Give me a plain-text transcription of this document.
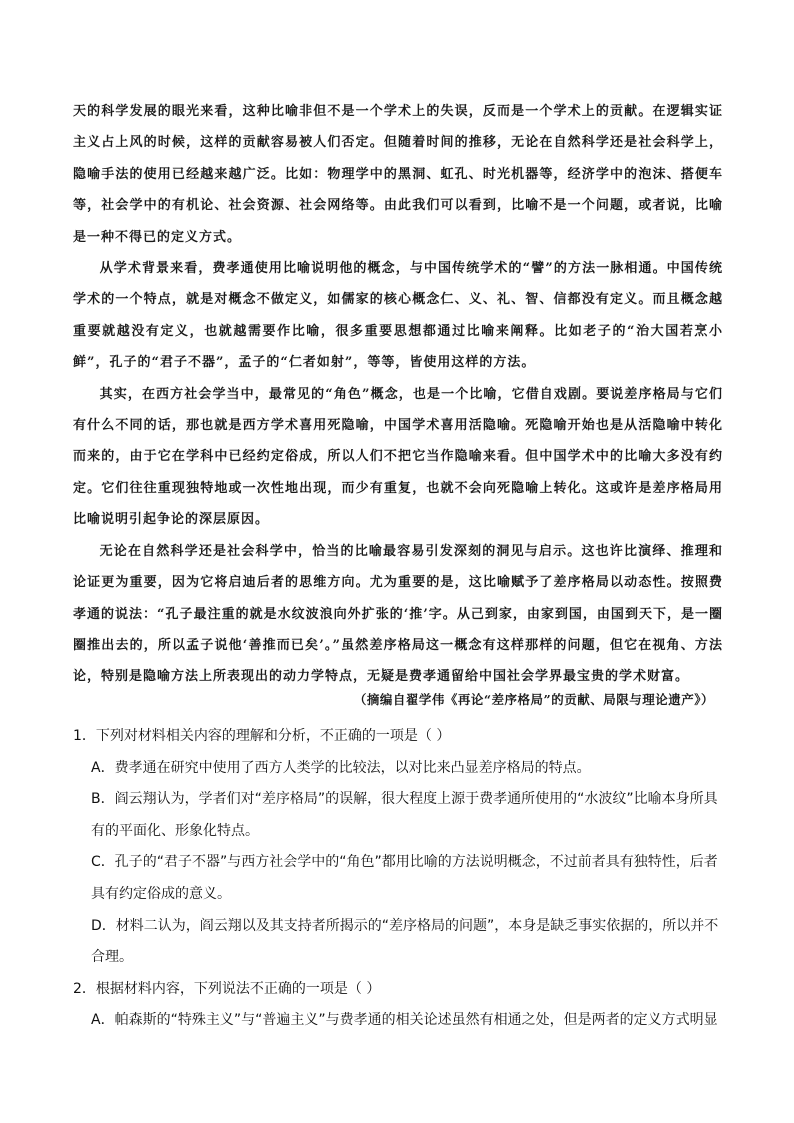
天的科学发展的眼光来看，这种比喻非但不是一个学术上的失误，反而是一个学术上的贡献。在逻辑实证主义占上风的时候，这样的贡献容易被人们否定。但随着时间的推移，无论在自然科学还是社会科学上，隐喻手法的使用已经越来越广泛。比如：物理学中的黑洞、虹孔、时光机器等，经济学中的泡沫、搭便车等，社会学中的有机论、社会资源、社会网络等。由此我们可以看到，比喻不是一个问题，或者说，比喻是一种不得已的定义方式。

从学术背景来看，费孝通使用比喻说明他的概念，与中国传统学术的“譬”的方法一脉相通。中国传统学术的一个特点，就是对概念不做定义，如儒家的核心概念仁、义、礼、智、信都没有定义。而且概念越重要就越没有定义，也就越需要作比喻，很多重要思想都通过比喻来阐释。比如老子的“治大国若烹小鲜”，孔子的“君子不器”，孟子的“仁者如射”，等等，皆使用这样的方法。

其实，在西方社会学当中，最常见的“角色”概念，也是一个比喻，它借自戏剧。要说差序格局与它们有什么不同的话，那也就是西方学术喜用死隐喻，中国学术喜用活隐喻。死隐喻开始也是从活隐喻中转化而来的，由于它在学科中已经约定俗成，所以人们不把它当作隐喻来看。但中国学术中的比喻大多没有约定。它们往往重现独特地或一次性地出现，而少有重复，也就不会向死隐喻上转化。这或许是差序格局用比喻说明引起争论的深层原因。

无论在自然科学还是社会科学中，恰当的比喻最容易引发深刻的洞见与启示。这也许比演绎、推理和论证更为重要，因为它将启迪后者的思维方向。尤为重要的是，这比喻赋予了差序格局以动态性。按照费孝通的说法：“孔子最注重的就是水纹波浪向外扩张的‘推’字。从己到家，由家到国，由国到天下，是一圈圈推出去的，所以孟子说他‘善推而已矣’。”虽然差序格局这一概念有这样那样的问题，但它在视角、方法论，特别是隐喻方法上所表现出的动力学特点，无疑是费孝通留给中国社会学界最宝贵的学术财富。

（摘编自翟学伟《再论“差序格局”的贡献、局限与理论遗产》）

1．下列对材料相关内容的理解和分析，不正确的一项是（ ）

A．费孝通在研究中使用了西方人类学的比较法，以对比来凸显差序格局的特点。

B．阎云翔认为，学者们对“差序格局”的误解，很大程度上源于费孝通所使用的“水波纹”比喻本身所具有的平面化、形象化特点。

C．孔子的“君子不器”与西方社会学中的“角色”都用比喻的方法说明概念，不过前者具有独特性，后者具有约定俗成的意义。

D．材料二认为，阎云翔以及其支持者所揭示的“差序格局的问题”，本身是缺乏事实依据的，所以并不合理。

2．根据材料内容，下列说法不正确的一项是（ ）

A．帕森斯的“特殊主义”与“普遍主义”与费孝通的相关论述虽然有相通之处，但是两者的定义方式明显
